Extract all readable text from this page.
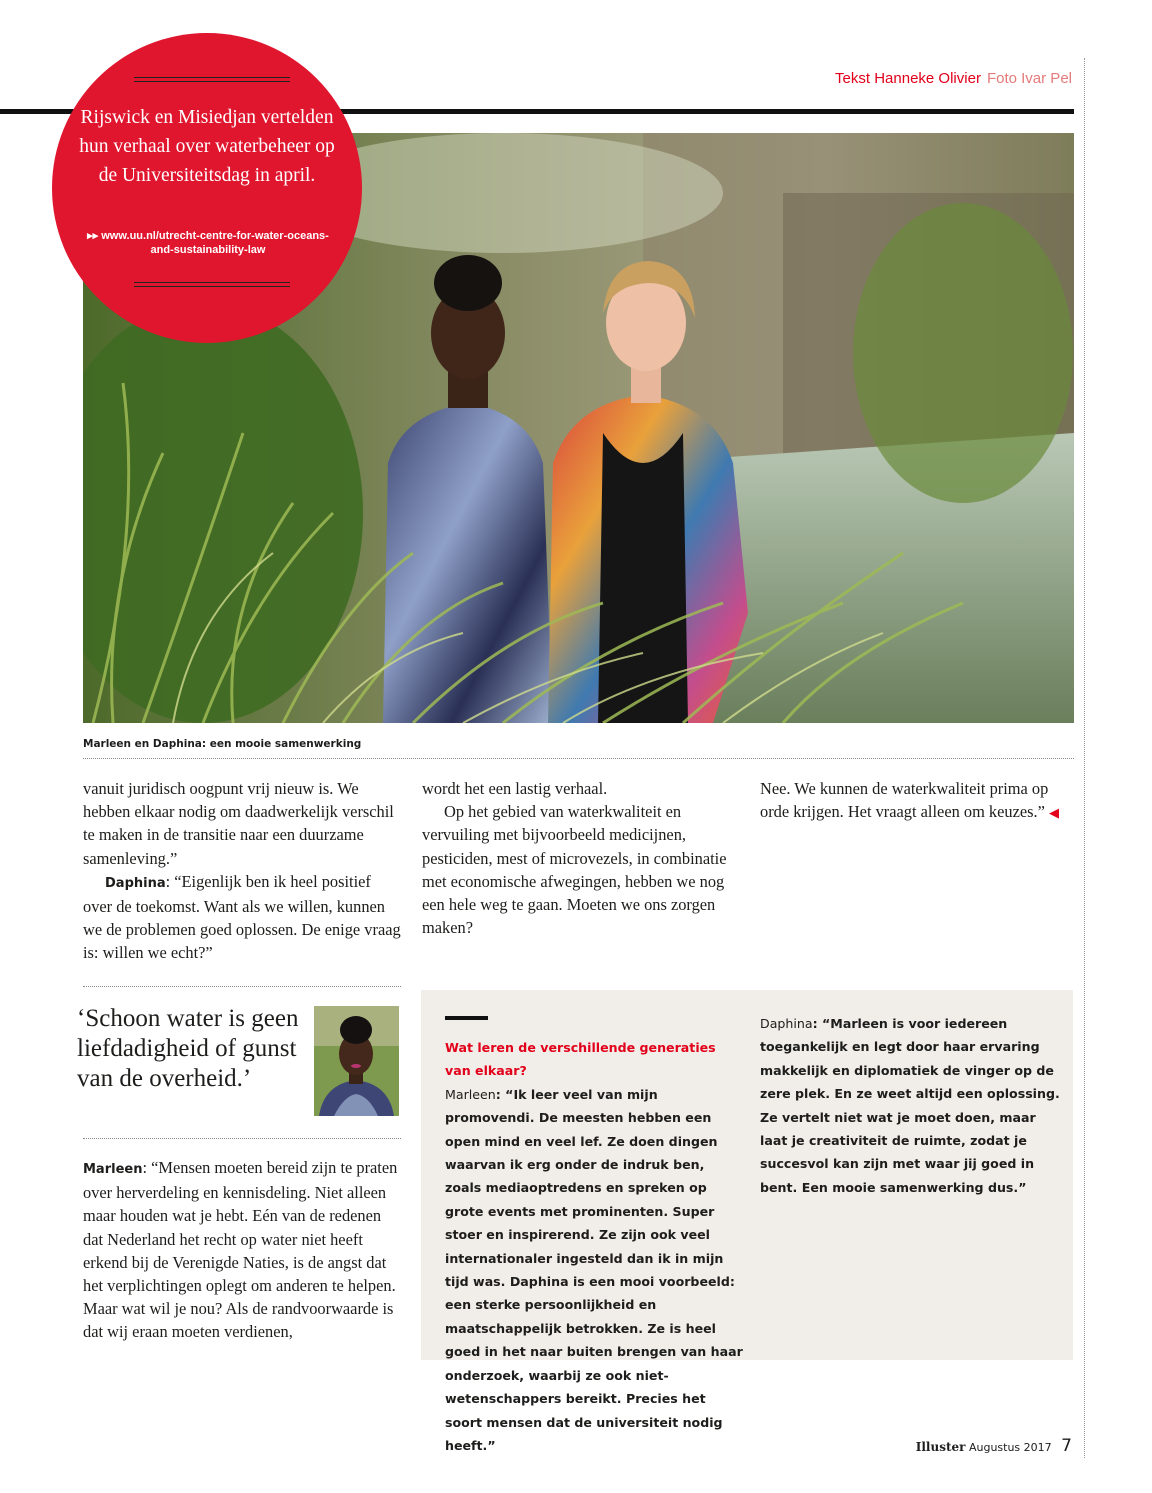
Tekst Hanneke Olivier Foto Ivar Pel
Rijswick en Misiedjan vertelden hun verhaal over waterbeheer op de Universiteitsdag in april.
▸▸ www.uu.nl/utrecht-centre-for-water-oceans-and-sustainability-law
Marleen en Daphina: een mooie samenwerking

vanuit juridisch oogpunt vrij nieuw is. We hebben elkaar nodig om daadwerkelijk verschil te maken in de transitie naar een duurzame samenleving.”

Daphina: “Eigenlijk ben ik heel positief over de toekomst. Want als we willen, kunnen we de problemen goed oplossen. De enige vraag is: willen we echt?”

wordt het een lastig verhaal.

Op het gebied van waterkwaliteit en vervuiling met bijvoorbeeld medicijnen, pesticiden, mest of microvezels, in combinatie met economische afwegingen, hebben we nog een hele weg te gaan. Moeten we ons zorgen maken?

Nee. We kunnen de waterkwaliteit prima op orde krijgen. Het vraagt alleen om keuzes.” ◀

‘Schoon water is geen liefdadigheid of gunst van de overheid.’

Marleen: “Mensen moeten bereid zijn te praten over herverdeling en kennisdeling. Niet alleen maar houden wat je hebt. Eén van de redenen dat Nederland het recht op water niet heeft erkend bij de Verenigde Naties, is de angst dat het verplichtingen oplegt om anderen te helpen. Maar wat wil je nou? Als de randvoorwaarde is dat wij eraan moeten verdienen,

Wat leren de verschillende generaties van elkaar?
Marleen: “Ik leer veel van mijn promovendi. De meesten hebben een open mind en veel lef. Ze doen dingen waarvan ik erg onder de indruk ben, zoals mediaoptredens en spreken op grote events met prominenten. Super stoer en inspirerend. Ze zijn ook veel internationaler ingesteld dan ik in mijn tijd was. Daphina is een mooi voorbeeld: een sterke persoonlijkheid en maatschappelijk betrokken. Ze is heel goed in het naar buiten brengen van haar onderzoek, waarbij ze ook niet-wetenschappers bereikt. Precies het soort mensen dat de universiteit nodig heeft.”
Daphina: “Marleen is voor iedereen toegankelijk en legt door haar ervaring makkelijk en diplomatiek de vinger op de zere plek. En ze weet altijd een oplossing. Ze vertelt niet wat je moet doen, maar laat je creativiteit de ruimte, zodat je succesvol kan zijn met waar jij goed in bent. Een mooie samenwerking dus.”
Illuster Augustus 2017 7
